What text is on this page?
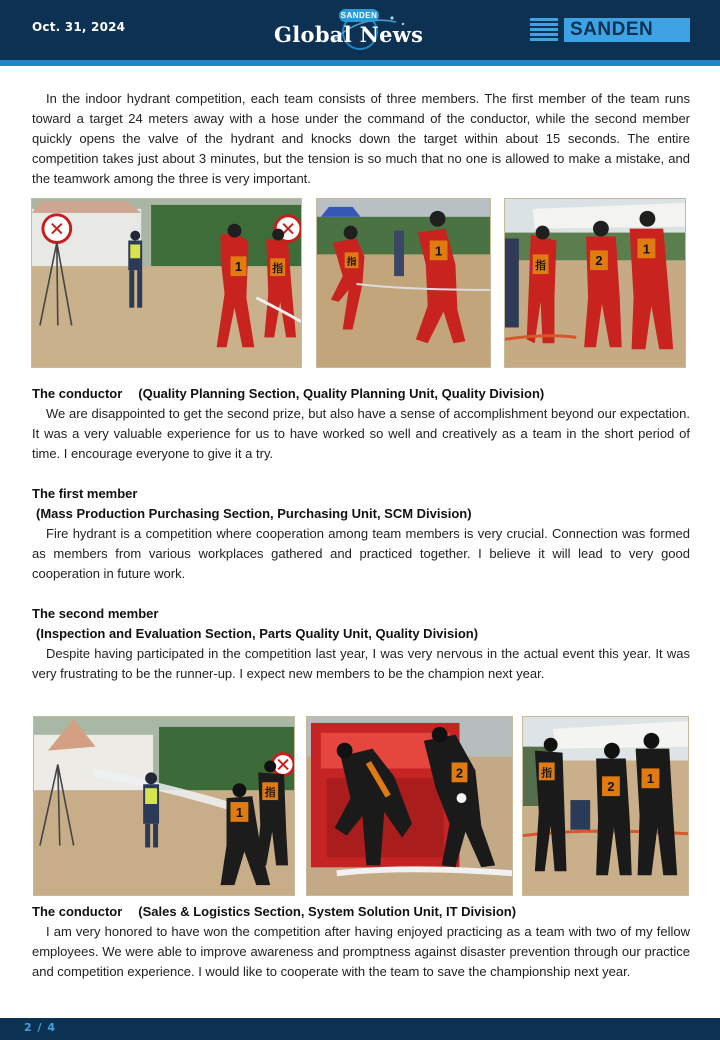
Oct. 31, 2024
SANDEN
Global News	SANDEN

In the indoor hydrant competition, each team consists of three members. The first member of the team runs toward a target 24 meters away with a hose under the command of the conductor, while the second member quickly opens the valve of the hydrant and knocks down the target within about 15 seconds. The entire competition takes just about 3 minutes, but the tension is so much that no one is allowed to make a mistake, and the teamwork among the three is very important.

1	指
指
1
指	2
1
The conductor (Quality Planning Section, Quality Planning Unit, Quality Division)

We are disappointed to get the second prize, but also have a sense of accomplishment beyond our expectation. It was a very valuable experience for us to have worked so well and creatively as a team in the short period of time. I encourage everyone to give it a try.

The first member
(Mass Production Purchasing Section, Purchasing Unit, SCM Division)

Fire hydrant is a competition where cooperation among team members is very crucial. Connection was formed as members from various workplaces gathered and practiced together. I believe it will lead to very good cooperation in future work.

The second member
(Inspection and Evaluation Section, Parts Quality Unit, Quality Division)

Despite having participated in the competition last year, I was very nervous in the actual event this year. It was very frustrating to be the runner-up. I expect new members to be the champion next year.

1
指
2	指
2
1
The conductor (Sales & Logistics Section, System Solution Unit, IT Division)

I am very honored to have won the competition after having enjoyed practicing as a team with two of my fellow employees. We were able to improve awareness and promptness against disaster prevention through our practice and competition experience. I would like to cooperate with the team to save the championship next year.

2 / 4
